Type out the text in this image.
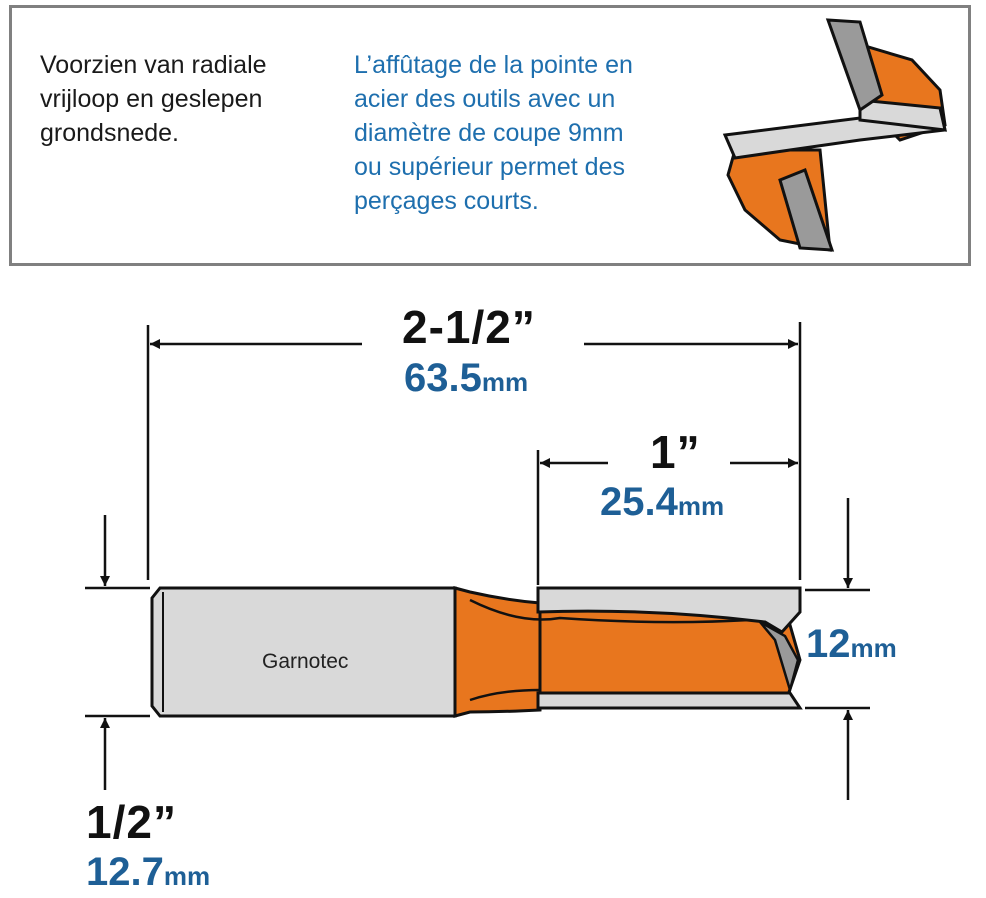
Voorzien van radiale
vrijloop en geslepen
grondsnede.

L’affûtage de la pointe en
acier des outils avec un
diamètre de coupe 9mm
ou supérieur permet des
perçages courts.

Garnotec

2-1/2”

63.5mm

1”

25.4mm

12mm

1/2”

12.7mm
